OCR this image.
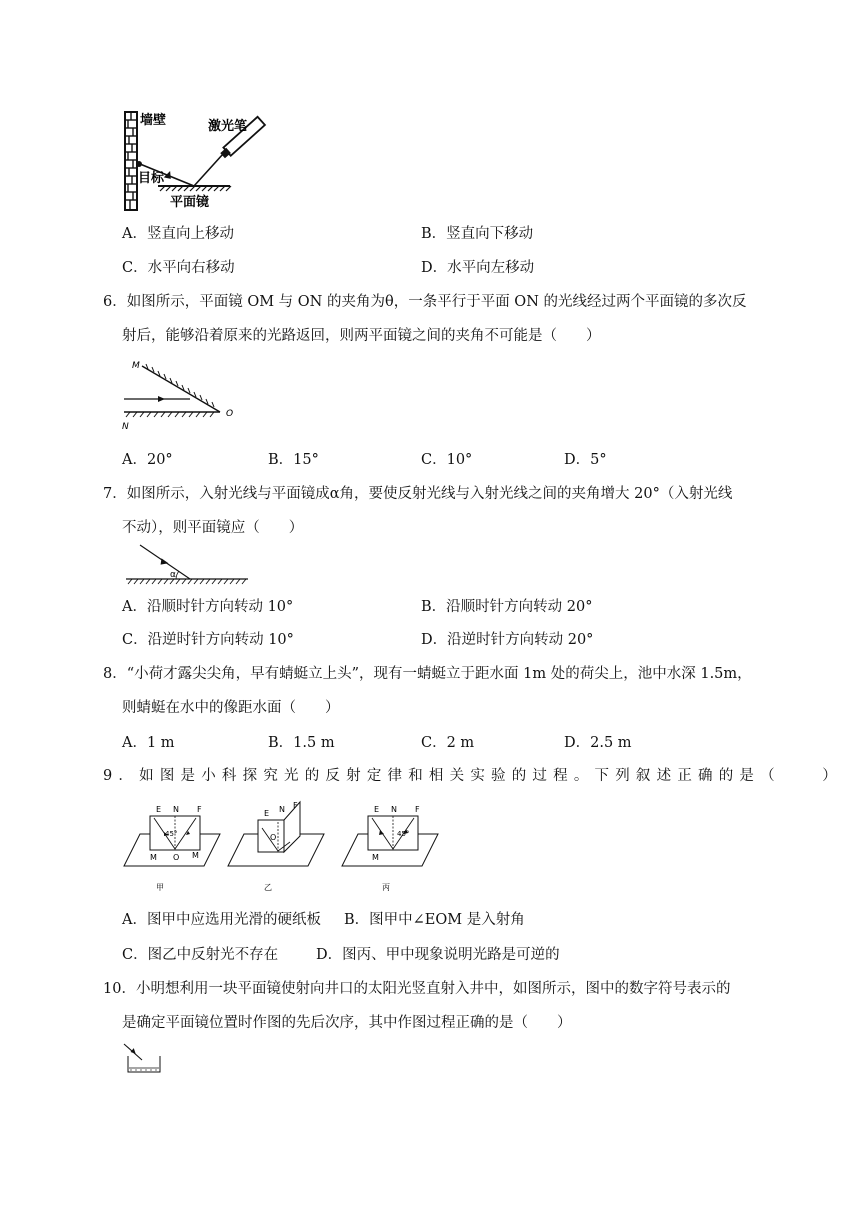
墙壁	激光笔
目标
平面镜
A．竖直向上移动	B．竖直向下移动
C．水平向右移动	D．水平向左移动
6．如图所示，平面镜 OM 与 ON 的夹角为θ，一条平行于平面 ON 的光线经过两个平面镜的多次反
射后，能够沿着原来的光路返回，则两平面镜之间的夹角不可能是（　　）
M
N
O
A．20°	B．15°	C．10°	D．5°
7．如图所示，入射光线与平面镜成α角，要使反射光线与入射光线之间的夹角增大 20°（入射光线
不动），则平面镜应（　　）
α
A．沿顺时针方向转动 10°	B．沿顺时针方向转动 20°
C．沿逆时针方向转动 10°	D．沿逆时针方向转动 20°
8．“小荷才露尖尖角，早有蜻蜓立上头”，现有一蜻蜓立于距水面 1m 处的荷尖上，池中水深 1.5m，
则蜻蜓在水中的像距水面（　　）
A．1 m	B．1.5 m	C．2 m	D．2.5 m
9．如图是小科探究光的反射定律和相关实验的过程。下列叙述正确的是（　　）
E N F
45°
O
M	M
甲
E N F
O
乙
E N F
45°
M
丙
A．图甲中应选用光滑的硬纸板 B．图甲中∠EOM 是入射角
C．图乙中反射光不存在	D．图丙、甲中现象说明光路是可逆的
10．小明想利用一块平面镜使射向井口的太阳光竖直射入井中，如图所示，图中的数字符号表示的
是确定平面镜位置时作图的先后次序，其中作图过程正确的是（　　）
